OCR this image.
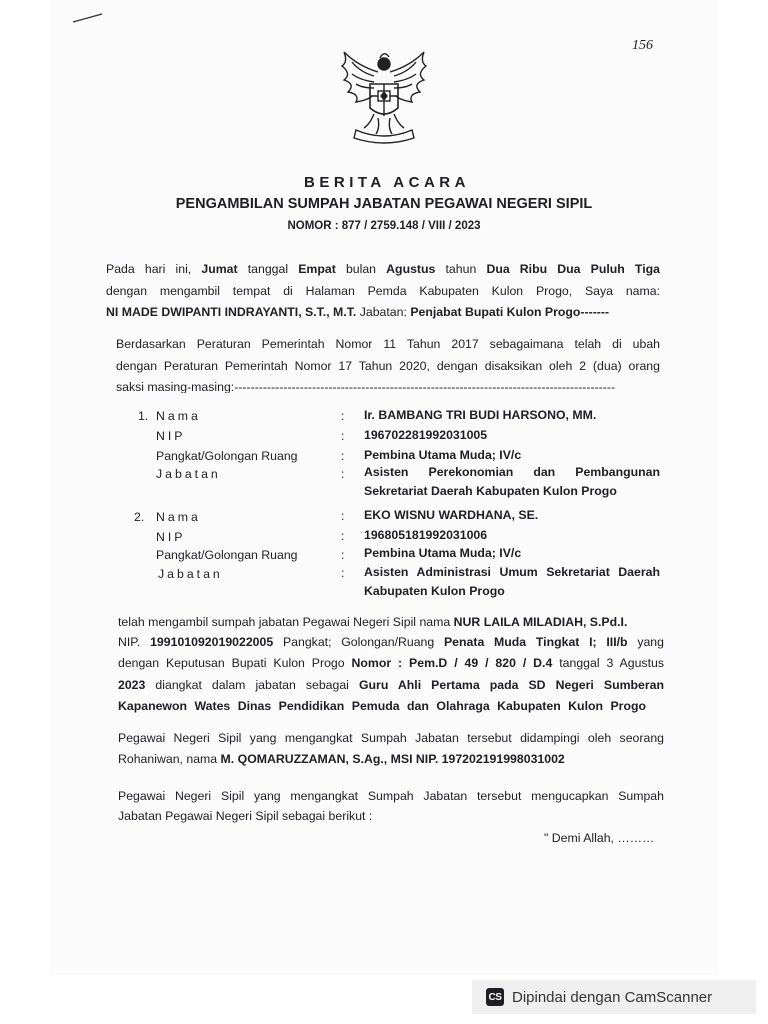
156
BERITA ACARA
PENGAMBILAN SUMPAH JABATAN PEGAWAI NEGERI SIPIL
NOMOR : 877 / 2759.148 / VIII / 2023
Pada hari ini, Jumat tanggal Empat bulan Agustus tahun Dua Ribu Dua Puluh Tiga
dengan mengambil tempat di Halaman Pemda Kabupaten Kulon Progo, Saya nama:
NI MADE DWIPANTI INDRAYANTI, S.T., M.T. Jabatan: Penjabat Bupati Kulon Progo-------
Berdasarkan Peraturan Pemerintah Nomor 11 Tahun 2017 sebagaimana telah di ubah
dengan Peraturan Pemerintah Nomor 17 Tahun 2020, dengan disaksikan oleh 2 (dua) orang
saksi masing-masing:---------------------------------------------------------------------------------------------
1. Nama	: Ir. BAMBANG TRI BUDI HARSONO, MM.
NIP	: 196702281992031005
Pangkat/Golongan Ruang	: Pembina Utama Muda; IV/c
Jabatan	: Asisten Perekonomian dan Pembangunan
Sekretariat Daerah Kabupaten Kulon Progo
2. Nama	: EKO WISNU WARDHANA, SE.
NIP	: 196805181992031006
Pangkat/Golongan Ruang	: Pembina Utama Muda; IV/c
Jabatan	: Asisten Administrasi Umum Sekretariat Daerah
Kabupaten Kulon Progo
telah mengambil sumpah jabatan Pegawai Negeri Sipil nama NUR LAILA MILADIAH, S.Pd.I.
NIP. 199101092019022005 Pangkat; Golongan/Ruang Penata Muda Tingkat I; III/b yang
dengan Keputusan Bupati Kulon Progo Nomor : Pem.D / 49 / 820 / D.4 tanggal 3 Agustus
2023 diangkat dalam jabatan sebagai Guru Ahli Pertama pada SD Negeri Sumberan
Kapanewon Wates Dinas Pendidikan Pemuda dan Olahraga Kabupaten Kulon Progo
Pegawai Negeri Sipil yang mengangkat Sumpah Jabatan tersebut didampingi oleh seorang
Rohaniwan, nama M. QOMARUZZAMAN, S.Ag., MSI NIP. 197202191998031002
Pegawai Negeri Sipil yang mengangkat Sumpah Jabatan tersebut mengucapkan Sumpah
Jabatan Pegawai Negeri Sipil sebagai berikut :
" Demi Allah, ………
CS Dipindai dengan CamScanner
